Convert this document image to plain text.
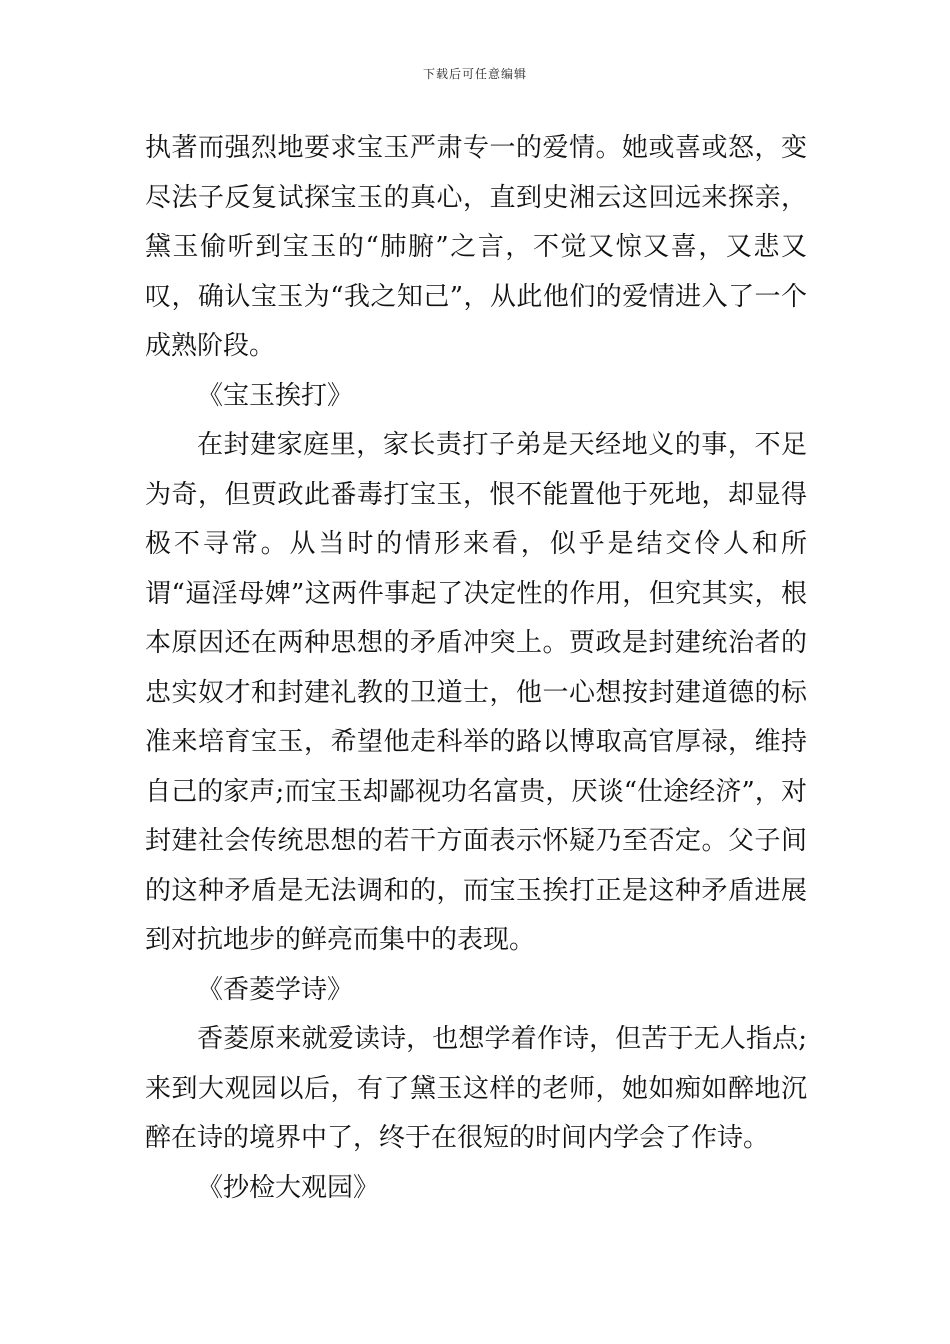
下载后可任意编辑

执著而强烈地要求宝玉严肃专一的爱情。她或喜或怒，变尽法子反复试探宝玉的真心，直到史湘云这回远来探亲，黛玉偷听到宝玉的“肺腑”之言，不觉又惊又喜，又悲又叹，确认宝玉为“我之知己”，从此他们的爱情进入了一个成熟阶段。

《宝玉挨打》

在封建家庭里，家长责打子弟是天经地义的事，不足为奇，但贾政此番毒打宝玉，恨不能置他于死地，却显得极不寻常。从当时的情形来看，似乎是结交伶人和所谓“逼淫母婢”这两件事起了决定性的作用，但究其实，根本原因还在两种思想的矛盾冲突上。贾政是封建统治者的忠实奴才和封建礼教的卫道士，他一心想按封建道德的标准来培育宝玉，希望他走科举的路以博取高官厚禄，维持自己的家声;而宝玉却鄙视功名富贵，厌谈“仕途经济”，对封建社会传统思想的若干方面表示怀疑乃至否定。父子间的这种矛盾是无法调和的，而宝玉挨打正是这种矛盾进展到对抗地步的鲜亮而集中的表现。

《香菱学诗》

香菱原来就爱读诗，也想学着作诗，但苦于无人指点;来到大观园以后，有了黛玉这样的老师，她如痴如醉地沉醉在诗的境界中了，终于在很短的时间内学会了作诗。

《抄检大观园》
